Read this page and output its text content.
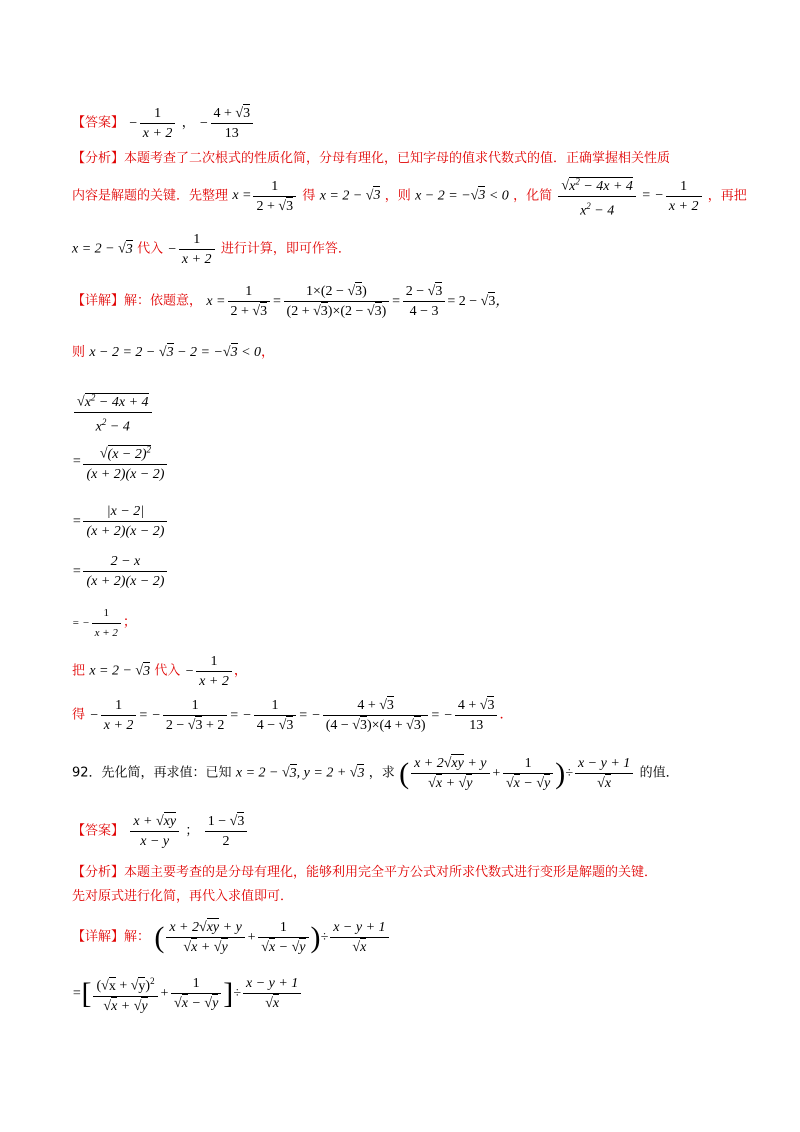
【答案】 − $\frac{1}{x + 2}$ ， − $\frac{4 + √3}{13}$
【分析】本题考查了二次根式的性质化简，分母有理化，已知字母的值求代数式的值．正确掌握相关性质
内容是解题的关键．先整理 $x = \frac{1}{2 + √3}$ 得 x = 2 − √3 ，则 x − 2 = −√3 < 0 ，化简 $\frac{√x^2 - 4x + 4}{x^2 - 4}$ = − $\frac{1}{x + 2}$ ，再把
x = 2 − √3 代入 − $\frac{1}{x + 2}$ 进行计算，即可作答．
【详解】解：依题意， $x = \frac{1}{2 + √3} = \frac{1\times(2 - √3)}{(2 + √3)\times(2 - √3)} = \frac{2 - √3}{4 - 3} = 2 - √3$，
则 x − 2 = 2 − √3 − 2 = −√3 < 0，
$\frac{√x^2 - 4x + 4}{x^2 - 4}$
= $\frac{√(x - 2)^2}{(x + 2)(x - 2)}$
= $\frac{|x - 2|}{(x + 2)(x - 2)}$
= $\frac{2 - x}{(x + 2)(x - 2)}$
= − $\frac{1}{x + 2}$ ；
把 x = 2 − √3 代入 − $\frac{1}{x + 2}$ ，
得 − $\frac{1}{x + 2}$ = − $\frac{1}{2 - √3 + 2}$ = − $\frac{1}{4 - √3}$ = − $\frac{4 + √3}{(4 - √3)\times(4 + √3)}$ = − $\frac{4 + √3}{13}$ ．
92．先化简，再求值：已知 x = 2 − √3, y = 2 + √3 ，求 ( $\frac{x + 2√xy + y}{√x + √y} + \frac{1}{√x - √y}$ )÷ $\frac{x - y + 1}{√x}$ 的值．
【答案】 $\frac{x + √xy}{x - y}$ ； $\frac{1 - √3}{2}$
【分析】本题主要考查的是分母有理化，能够利用完全平方公式对所求代数式进行变形是解题的关键．
先对原式进行化简，再代入求值即可．
【详解】解： ( $\frac{x + 2√xy + y}{√x + √y} + \frac{1}{√x - √y}$ )÷ $\frac{x - y + 1}{√x}$
=[ $\frac{(√x + √y)^2}{√x + √y} + \frac{1}{√x - √y}$ ]÷ $\frac{x - y + 1}{√x}$
